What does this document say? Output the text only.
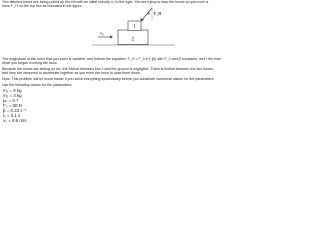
Two stacked boxes are being pulled up the hill with an initial velocity v₀ to the right. You are trying to stop the boxes so you exert a
force F_H on the top box as indicated in the figure.
2
1
v₀
θ F_H
The magnitude of the force that you exert is variable, and follows the equation: F_H = F_0 e^(-βt) with F_0 and β constants, and t the time
since you began exerting the force.
Because the boxes are sliding on ice, the friction between box 2 and the ground is negligible. There is friction between the two boxes,
and they are observed to accelerate together as you exert the force to slow them down.
Note: This problem will be much easier if you solve everything symbolically before you substitute numerical values for the parameters.
Use the following values for the parameters:
m₁ = 9 kg
m₂ = 4 kg
μₖ = 0.7
F₀ = 80 N
β = 0.23 s⁻¹
t₁ = 3.1 s
v₀ = 9.6 m/s
